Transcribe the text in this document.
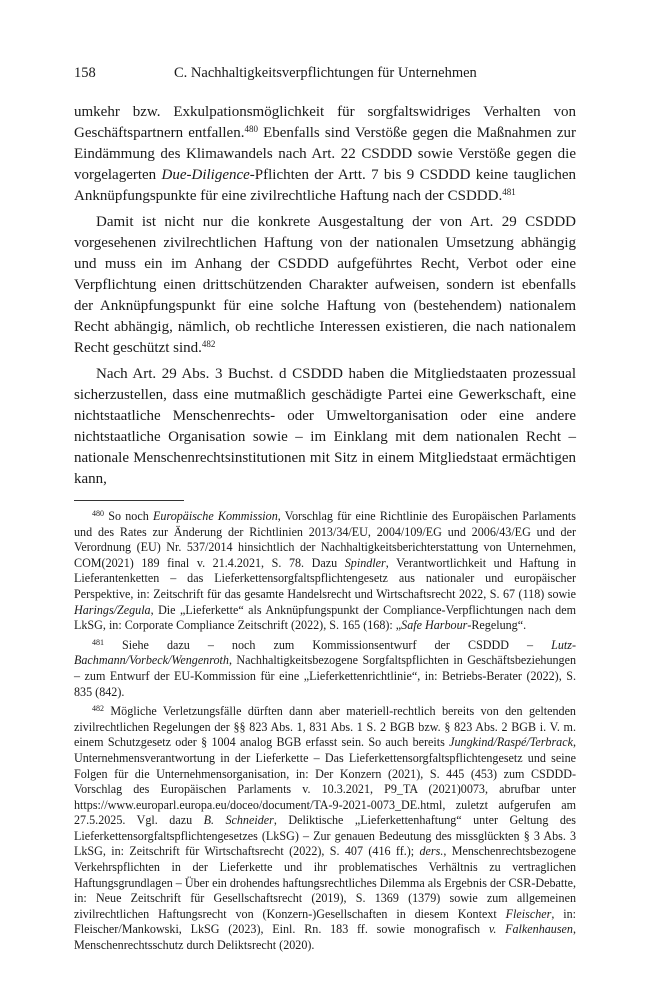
158	C. Nachhaltigkeitsverpflichtungen für Unternehmen

umkehr bzw. Exkulpationsmöglichkeit für sorgfaltswidriges Verhalten von Geschäftspartnern entfallen.$^{480}$ Ebenfalls sind Verstöße gegen die Maßnahmen zur Eindämmung des Klimawandels nach Art. 22 CSDDD sowie Verstöße gegen die vorgelagerten Due-Diligence-Pflichten der Artt. 7 bis 9 CSDDD keine tauglichen Anknüpfungspunkte für eine zivilrechtliche Haftung nach der CSDDD.$^{481}$

Damit ist nicht nur die konkrete Ausgestaltung der von Art. 29 CSDDD vorgesehenen zivilrechtlichen Haftung von der nationalen Umsetzung abhängig und muss ein im Anhang der CSDDD aufgeführtes Recht, Verbot oder eine Verpflichtung einen drittschützenden Charakter aufweisen, sondern ist ebenfalls der Anknüpfungspunkt für eine solche Haftung von (bestehendem) nationalem Recht abhängig, nämlich, ob rechtliche Interessen existieren, die nach nationalem Recht geschützt sind.$^{482}$

Nach Art. 29 Abs. 3 Buchst. d CSDDD haben die Mitgliedstaaten prozessual sicherzustellen, dass eine mutmaßlich geschädigte Partei eine Gewerkschaft, eine nichtstaatliche Menschenrechts- oder Umweltorganisation oder eine andere nichtstaatliche Organisation sowie – im Einklang mit dem nationalen Recht – nationale Menschenrechtsinstitutionen mit Sitz in einem Mitgliedstaat ermächtigen kann,

$^{480}$ So noch Europäische Kommission, Vorschlag für eine Richtlinie des Europäischen Parlaments und des Rates zur Änderung der Richtlinien 2013/34/EU, 2004/109/EG und 2006/43/EG und der Verordnung (EU) Nr. 537/2014 hinsichtlich der Nachhaltigkeitsberichterstattung von Unternehmen, COM(2021) 189 final v. 21.4.2021, S. 78. Dazu Spindler, Verantwortlichkeit und Haftung in Lieferantenketten – das Lieferkettensorgfaltspflichtengesetz aus nationaler und europäischer Perspektive, in: Zeitschrift für das gesamte Handelsrecht und Wirtschaftsrecht 2022, S. 67 (118) sowie Harings/Zegula, Die „Lieferkette“ als Anknüpfungspunkt der Compliance-Verpflichtungen nach dem LkSG, in: Corporate Compliance Zeitschrift (2022), S. 165 (168): „Safe Harbour-Regelung“.

$^{481}$ Siehe dazu – noch zum Kommissionsentwurf der CSDDD – Lutz-Bachmann/Vorbeck/Wengenroth, Nachhaltigkeitsbezogene Sorgfaltspflichten in Geschäftsbeziehungen – zum Entwurf der EU-Kommission für eine „Lieferkettenrichtlinie“, in: Betriebs-Berater (2022), S. 835 (842).

$^{482}$ Mögliche Verletzungsfälle dürften dann aber materiell-rechtlich bereits von den geltenden zivilrechtlichen Regelungen der §§ 823 Abs. 1, 831 Abs. 1 S. 2 BGB bzw. § 823 Abs. 2 BGB i. V. m. einem Schutzgesetz oder § 1004 analog BGB erfasst sein. So auch bereits Jungkind/Raspé/Terbrack, Unternehmensverantwortung in der Lieferkette – Das Lieferkettensorgfaltspflichtengesetz und seine Folgen für die Unternehmensorganisation, in: Der Konzern (2021), S. 445 (453) zum CSDDD-Vorschlag des Europäischen Parlaments v. 10.3.2021, P9_TA (2021)0073, abrufbar unter https://www.europarl.europa.eu/doceo/document/TA-9-2021-0073_DE.html, zuletzt aufgerufen am 27.5.2025. Vgl. dazu B. Schneider, Deliktische „Lieferkettenhaftung“ unter Geltung des Lieferkettensorgfaltspflichtengesetzes (LkSG) – Zur genauen Bedeutung des missglückten § 3 Abs. 3 LkSG, in: Zeitschrift für Wirtschaftsrecht (2022), S. 407 (416 ff.); ders., Menschenrechtsbezogene Verkehrspflichten in der Lieferkette und ihr problematisches Verhältnis zu vertraglichen Haftungsgrundlagen – Über ein drohendes haftungsrechtliches Dilemma als Ergebnis der CSR-Debatte, in: Neue Zeitschrift für Gesellschaftsrecht (2019), S. 1369 (1379) sowie zum allgemeinen zivilrechtlichen Haftungsrecht von (Konzern-)Gesellschaften in diesem Kontext Fleischer, in: Fleischer/Mankowski, LkSG (2023), Einl. Rn. 183 ff. sowie monografisch v. Falkenhausen, Menschenrechtsschutz durch Deliktsrecht (2020).
